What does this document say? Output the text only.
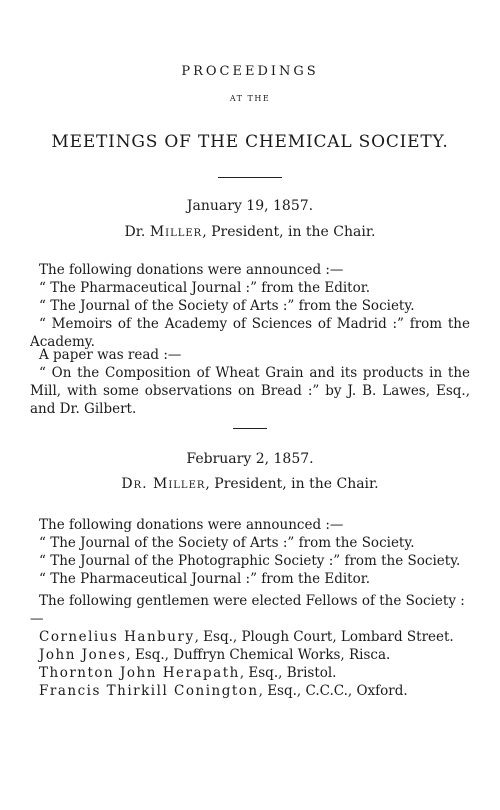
PROCEEDINGS
AT THE
MEETINGS OF THE CHEMICAL SOCIETY.
January 19, 1857.
Dr. Miller, President, in the Chair.
The following donations were announced :—
“ The Pharmaceutical Journal :” from the Editor.
“ The Journal of the Society of Arts :” from the Society.
“ Memoirs of the Academy of Sciences of Madrid :” from the Academy.
A paper was read :—
“ On the Composition of Wheat Grain and its products in the Mill, with some observations on Bread :” by J. B. Lawes, Esq., and Dr. Gilbert.
February 2, 1857.
Dr. Miller, President, in the Chair.
The following donations were announced :—
“ The Journal of the Society of Arts :” from the Society.
“ The Journal of the Photographic Society :” from the Society.
“ The Pharmaceutical Journal :” from the Editor.
The following gentlemen were elected Fellows of the Society :—
Cornelius Hanbury, Esq., Plough Court, Lombard Street.
John Jones, Esq., Duffryn Chemical Works, Risca.
Thornton John Herapath, Esq., Bristol.
Francis Thirkill Conington, Esq., C.C.C., Oxford.
